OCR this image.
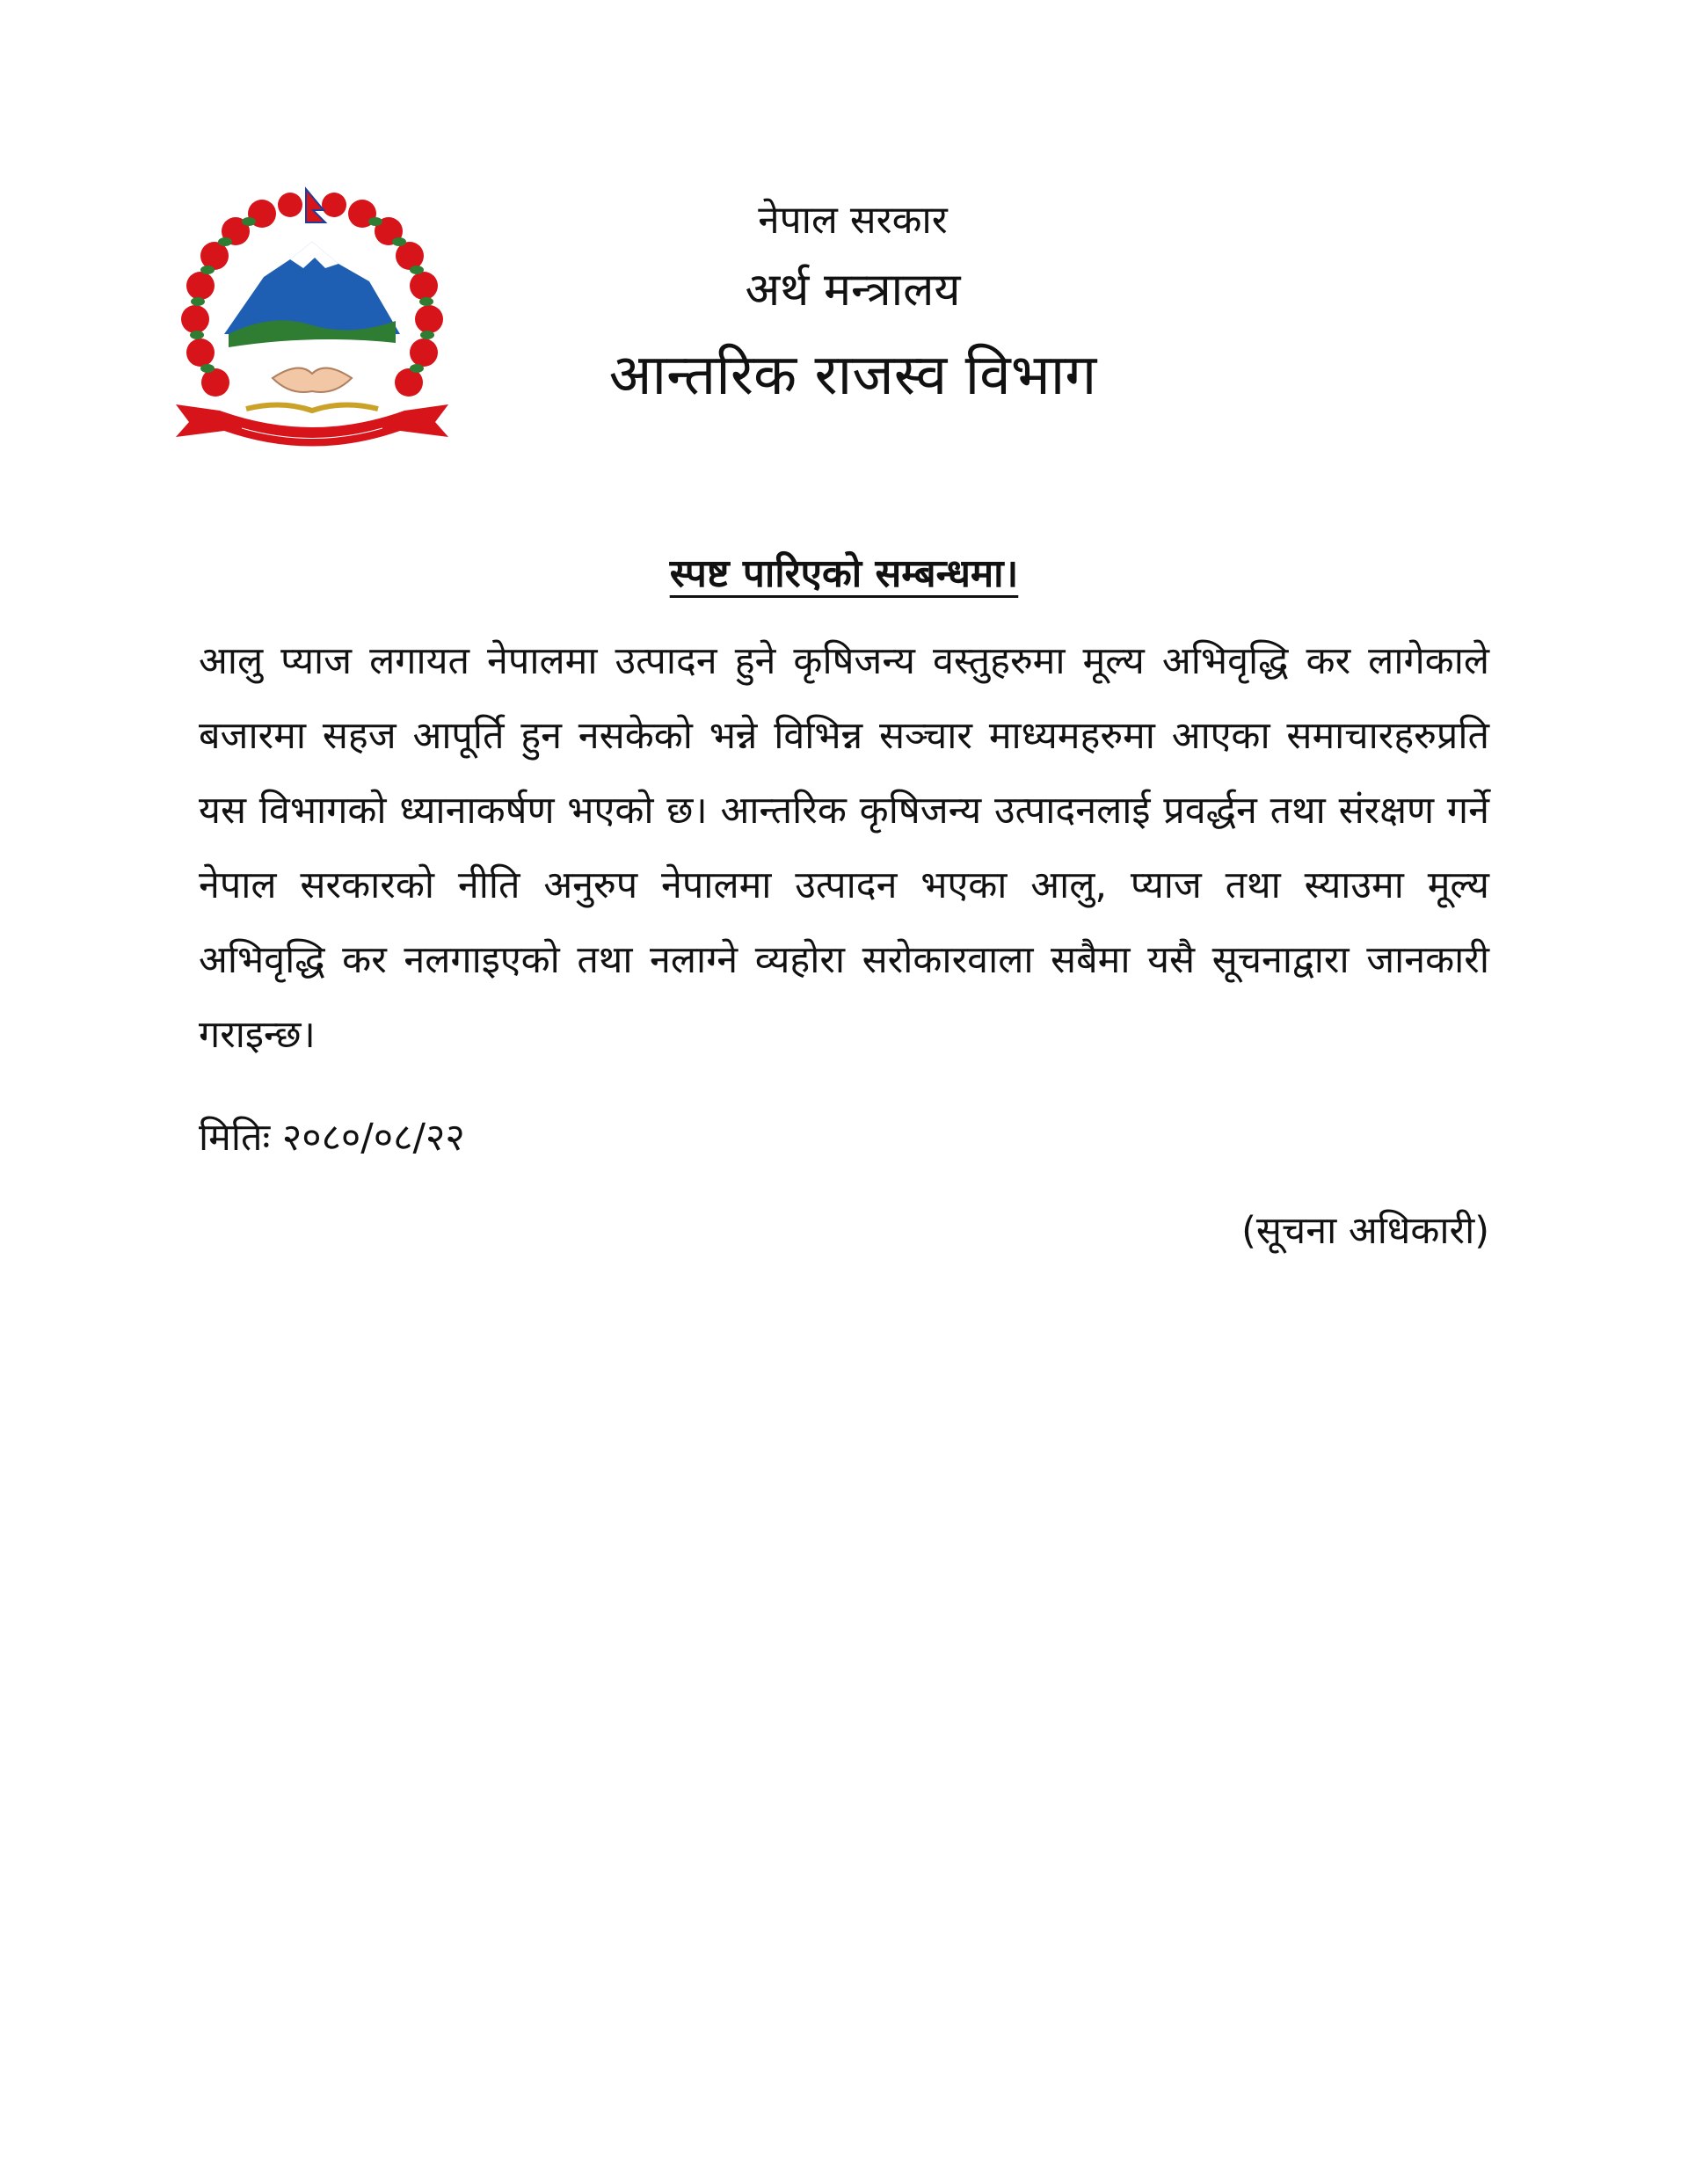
नेपाल सरकार
अर्थ मन्त्रालय
आन्तरिक राजस्व विभाग
स्पष्ट पारिएको सम्बन्धमा।
आलु प्याज लगायत नेपालमा उत्पादन हुने कृषिजन्य वस्तुहरुमा मूल्य अभिवृद्धि कर लागेकाले बजारमा सहज आपूर्ति हुन नसकेको भन्ने विभिन्न सञ्चार माध्यमहरुमा आएका समाचारहरुप्रति यस विभागको ध्यानाकर्षण भएको छ। आन्तरिक कृषिजन्य उत्पादनलाई प्रवर्द्धन तथा संरक्षण गर्ने नेपाल सरकारको नीति अनुरुप नेपालमा उत्पादन भएका आलु, प्याज तथा स्याउमा मूल्य अभिवृद्धि कर नलगाइएको तथा नलाग्ने व्यहोरा सरोकारवाला सबैमा यसै सूचनाद्वारा जानकारी गराइन्छ।
मितिः २०८०/०८/२२
(सूचना अधिकारी)
